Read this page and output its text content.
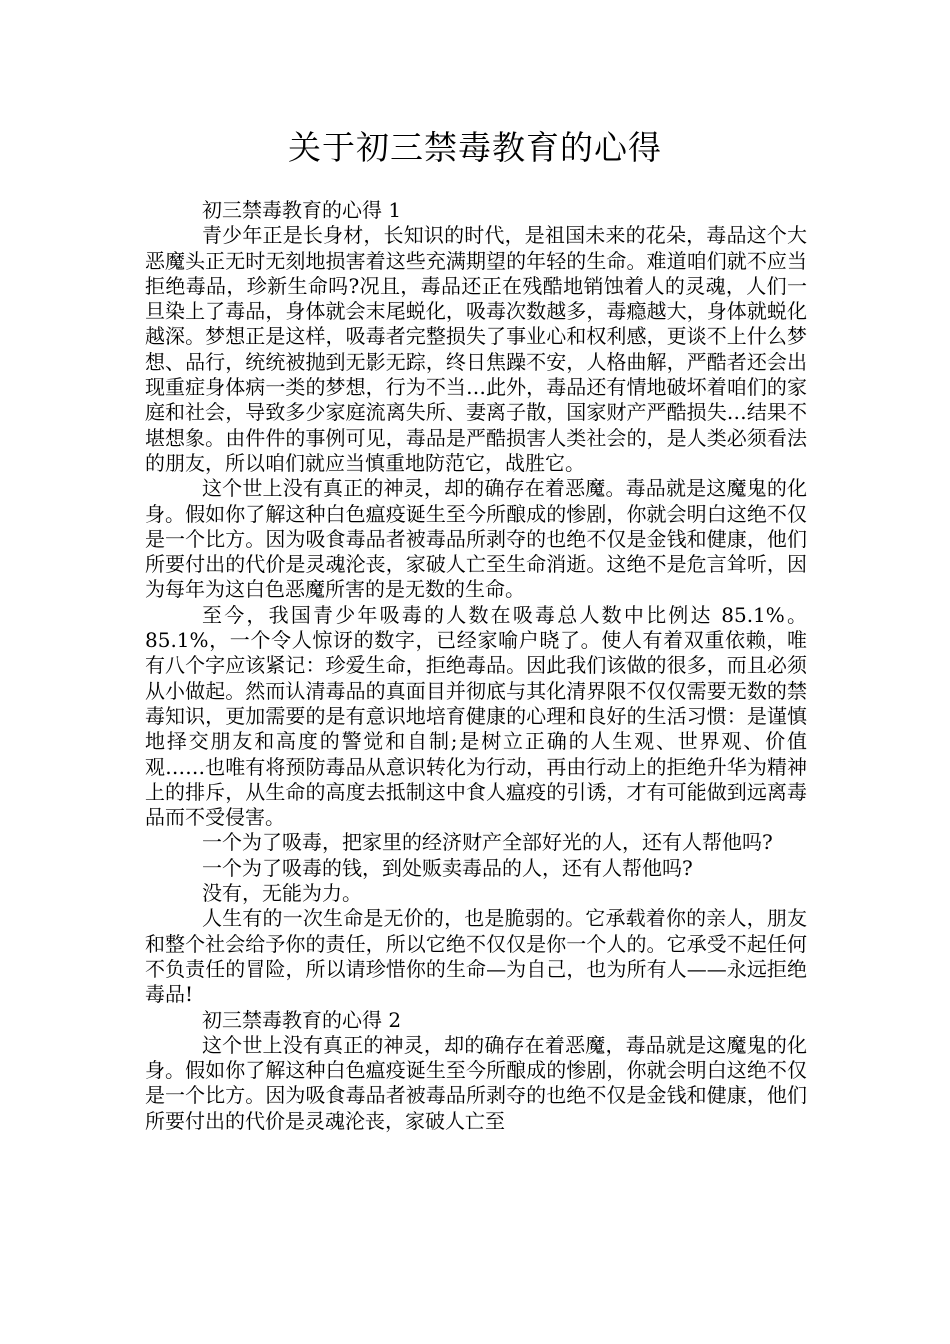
关于初三禁毒教育的心得

初三禁毒教育的心得 1

青少年正是长身材，长知识的时代，是祖国未来的花朵，毒品这个大恶魔头正无时无刻地损害着这些充满期望的年轻的生命。难道咱们就不应当拒绝毒品，珍新生命吗?况且，毒品还正在残酷地销蚀着人的灵魂，人们一旦染上了毒品，身体就会末尾蜕化，吸毒次数越多，毒瘾越大，身体就蜕化越深。梦想正是这样，吸毒者完整损失了事业心和权利感，更谈不上什么梦想、品行，统统被抛到无影无踪，终日焦躁不安，人格曲解，严酷者还会出现重症身体病一类的梦想，行为不当…此外，毒品还有情地破坏着咱们的家庭和社会，导致多少家庭流离失所、妻离子散，国家财产严酷损失…结果不堪想象。由件件的事例可见，毒品是严酷损害人类社会的，是人类必须看法的朋友，所以咱们就应当慎重地防范它，战胜它。

这个世上没有真正的神灵，却的确存在着恶魔。毒品就是这魔鬼的化身。假如你了解这种白色瘟疫诞生至今所酿成的惨剧，你就会明白这绝不仅是一个比方。因为吸食毒品者被毒品所剥夺的也绝不仅是金钱和健康，他们所要付出的代价是灵魂沦丧，家破人亡至生命消逝。这绝不是危言耸听，因为每年为这白色恶魔所害的是无数的生命。

至今，我国青少年吸毒的人数在吸毒总人数中比例达 85.1%。85.1%，一个令人惊讶的数字，已经家喻户晓了。使人有着双重依赖，唯有八个字应该紧记：珍爱生命，拒绝毒品。因此我们该做的很多，而且必须从小做起。然而认清毒品的真面目并彻底与其化清界限不仅仅需要无数的禁毒知识，更加需要的是有意识地培育健康的心理和良好的生活习惯：是谨慎地择交朋友和高度的警觉和自制;是树立正确的人生观、世界观、价值观……也唯有将预防毒品从意识转化为行动，再由行动上的拒绝升华为精神上的排斥，从生命的高度去抵制这中食人瘟疫的引诱，才有可能做到远离毒品而不受侵害。

一个为了吸毒，把家里的经济财产全部好光的人，还有人帮他吗?

一个为了吸毒的钱，到处贩卖毒品的人，还有人帮他吗?

没有，无能为力。

人生有的一次生命是无价的，也是脆弱的。它承载着你的亲人，朋友和整个社会给予你的责任，所以它绝不仅仅是你一个人的。它承受不起任何不负责任的冒险，所以请珍惜你的生命—为自己，也为所有人——永远拒绝毒品!

初三禁毒教育的心得 2

这个世上没有真正的神灵，却的确存在着恶魔，毒品就是这魔鬼的化身。假如你了解这种白色瘟疫诞生至今所酿成的惨剧，你就会明白这绝不仅是一个比方。因为吸食毒品者被毒品所剥夺的也绝不仅是金钱和健康，他们所要付出的代价是灵魂沦丧，家破人亡至
